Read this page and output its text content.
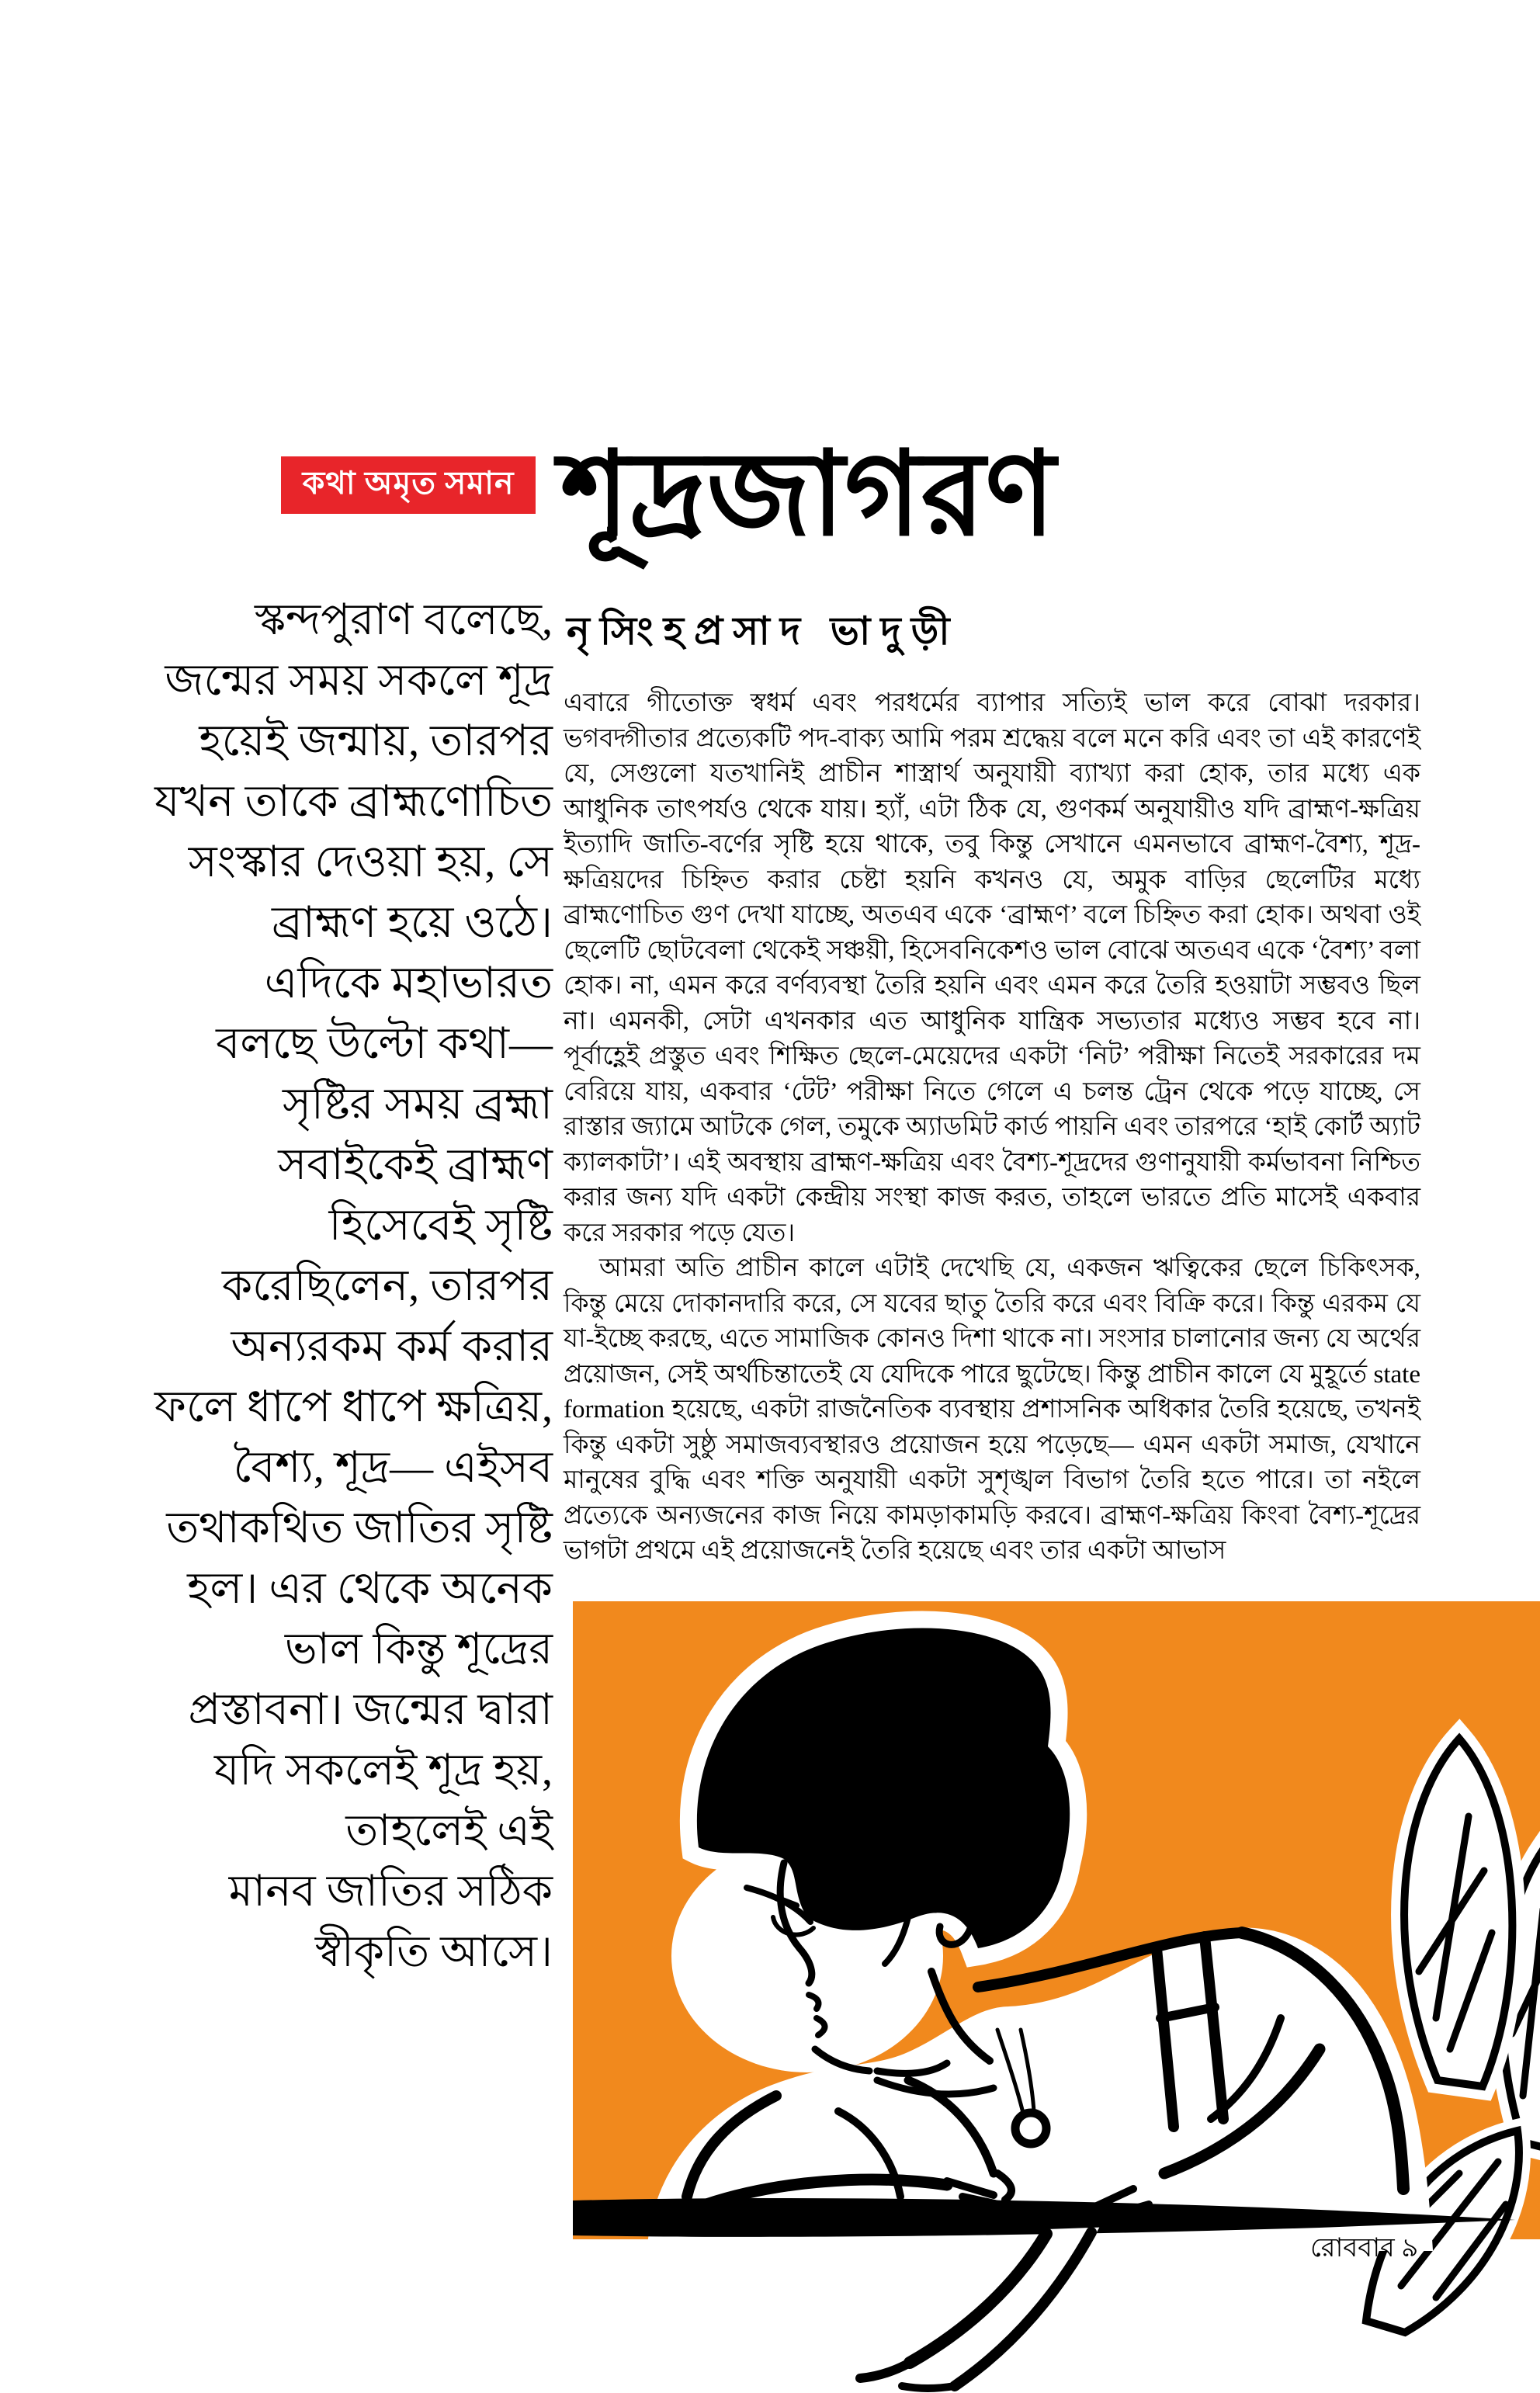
কথা অমৃত সমান শূদ্রজাগরণ
নৃসিংহপ্রসাদ ভাদুড়ী
স্কন্দপুরাণ বলেছে,
জন্মের সময় সকলে শূদ্র
হয়েই জন্মায়, তারপর
যখন তাকে ব্রাহ্মণোচিত
সংস্কার দেওয়া হয়, সে
ব্রাহ্মণ হয়ে ওঠে।
এদিকে মহাভারত
বলছে উল্টো কথা—
সৃষ্টির সময় ব্রহ্মা
সবাইকেই ব্রাহ্মণ
হিসেবেই সৃষ্টি
করেছিলেন, তারপর
অন্যরকম কর্ম করার
ফলে ধাপে ধাপে ক্ষত্রিয়,
বৈশ্য, শূদ্র— এইসব
তথাকথিত জাতির সৃষ্টি
হল। এর থেকে অনেক
ভাল কিন্তু শূদ্রের
প্রস্তাবনা। জন্মের দ্বারা
যদি সকলেই শূদ্র হয়,
তাহলেই এই
মানব জাতির সঠিক
স্বীকৃতি আসে।

এবারে গীতোক্ত স্বধর্ম এবং পরধর্মের ব্যাপার সত্যিই ভাল করে বোঝা দরকার। ভগবদ্গীতার প্রত্যেকটি পদ-বাক্য আমি পরম শ্রদ্ধেয় বলে মনে করি এবং তা এই কারণেই যে, সেগুলো যতখানিই প্রাচীন শাস্ত্রার্থ অনুযায়ী ব্যাখ্যা করা হোক, তার মধ্যে এক আধুনিক তাৎপর্যও থেকে যায়। হ্যাঁ, এটা ঠিক যে, গুণকর্ম অনুযায়ীও যদি ব্রাহ্মণ-ক্ষত্রিয় ইত্যাদি জাতি-বর্ণের সৃষ্টি হয়ে থাকে, তবু কিন্তু সেখানে এমনভাবে ব্রাহ্মণ-বৈশ্য, শূদ্র-ক্ষত্রিয়দের চিহ্নিত করার চেষ্টা হয়নি কখনও যে, অমুক বাড়ির ছেলেটির মধ্যে ব্রাহ্মণোচিত গুণ দেখা যাচ্ছে, অতএব একে ‘ব্রাহ্মণ’ বলে চিহ্নিত করা হোক। অথবা ওই ছেলেটি ছোটবেলা থেকেই সঞ্চয়ী, হিসেবনিকেশও ভাল বোঝে অতএব একে ‘বৈশ্য’ বলা হোক। না, এমন করে বর্ণব্যবস্থা তৈরি হয়নি এবং এমন করে তৈরি হওয়াটা সম্ভবও ছিল না। এমনকী, সেটা এখনকার এত আধুনিক যান্ত্রিক সভ্যতার মধ্যেও সম্ভব হবে না। পূর্বাহ্ণেই প্রস্তুত এবং শিক্ষিত ছেলে-মেয়েদের একটা ‘নিট’ পরীক্ষা নিতেই সরকারের দম বেরিয়ে যায়, একবার ‘টেট’ পরীক্ষা নিতে গেলে এ চলন্ত ট্রেন থেকে পড়ে যাচ্ছে, সে রাস্তার জ্যামে আটকে গেল, তমুকে অ্যাডমিট কার্ড পায়নি এবং তারপরে ‘হাই কোর্ট অ্যাট ক্যালকাটা’। এই অবস্থায় ব্রাহ্মণ-ক্ষত্রিয় এবং বৈশ্য-শূদ্রদের গুণানুযায়ী কর্মভাবনা নিশ্চিত করার জন্য যদি একটা কেন্দ্রীয় সংস্থা কাজ করত, তাহলে ভারতে প্রতি মাসেই একবার করে সরকার পড়ে যেত।

আমরা অতি প্রাচীন কালে এটাই দেখেছি যে, একজন ঋত্বিকের ছেলে চিকিৎসক, কিন্তু মেয়ে দোকানদারি করে, সে যবের ছাতু তৈরি করে এবং বিক্রি করে। কিন্তু এরকম যে যা-ইচ্ছে করছে, এতে সামাজিক কোনও দিশা থাকে না। সংসার চালানোর জন্য যে অর্থের প্রয়োজন, সেই অর্থচিন্তাতেই যে যেদিকে পারে ছুটেছে। কিন্তু প্রাচীন কালে যে মুহূর্তে state formation হয়েছে, একটা রাজনৈতিক ব্যবস্থায় প্রশাসনিক অধিকার তৈরি হয়েছে, তখনই কিন্তু একটা সুষ্ঠু সমাজব্যবস্থারও প্রয়োজন হয়ে পড়েছে— এমন একটা সমাজ, যেখানে মানুষের বুদ্ধি এবং শক্তি অনুযায়ী একটা সুশৃঙ্খল বিভাগ তৈরি হতে পারে। তা নইলে প্রত্যেকে অন্যজনের কাজ নিয়ে কামড়াকামড়ি করবে। ব্রাহ্মণ-ক্ষত্রিয় কিংবা বৈশ্য-শূদ্রের ভাগটা প্রথমে এই প্রয়োজনেই তৈরি হয়েছে এবং তার একটা আভাস

রোববার ৯
